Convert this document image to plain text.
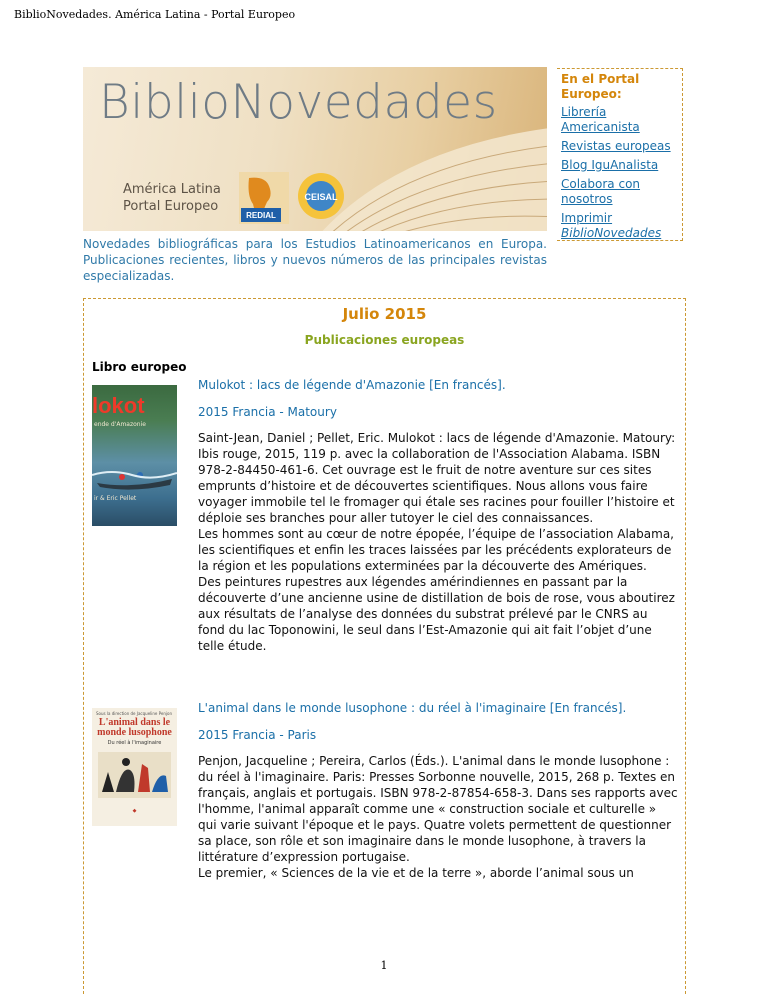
BiblioNovedades. América Latina - Portal Europeo
BiblioNovedades
América Latina
Portal Europeo
REDIAL
CEISAL
Novedades bibliográficas para los Estudios Latinoamericanos en Europa. Publicaciones recientes, libros y nuevos números de las principales revistas especializadas.
En el Portal Europeo:
Librería Americanista
Revistas europeas
Blog IguAnalista
Colabora con nosotros
Imprimir
BiblioNovedades
Julio 2015
Publicaciones europeas
Libro europeo
lokot
ende d'Amazonie
ir & Eric Pellet
Mulokot : lacs de légende d'Amazonie [En francés].
2015 Francia - Matoury

Saint-Jean, Daniel ; Pellet, Eric. Mulokot : lacs de légende d'Amazonie. Matoury: Ibis rouge, 2015, 119 p. avec la collaboration de l'Association Alabama. ISBN 978-2-84450-461-6. Cet ouvrage est le fruit de notre aventure sur ces sites emprunts d’histoire et de découvertes scientifiques. Nous allons vous faire voyager immobile tel le fromager qui étale ses racines pour fouiller l’histoire et déploie ses branches pour aller tutoyer le ciel des connaissances.

Les hommes sont au cœur de notre épopée, l’équipe de l’association Alabama, les scientifiques et enfin les traces laissées par les précédents explorateurs de la région et les populations exterminées par la découverte des Amériques.

Des peintures rupestres aux légendes amérindiennes en passant par la découverte d’une ancienne usine de distillation de bois de rose, vous aboutirez aux résultats de l’analyse des données du substrat prélevé par le CNRS au fond du lac Toponowini, le seul dans l’Est-Amazonie qui ait fait l’objet d’une telle étude.

Sous la direction de Jacqueline Penjon
L'animal dans le monde lusophone
Du réel à l'imaginaire
◆
L'animal dans le monde lusophone : du réel à l'imaginaire [En francés].
2015 Francia - Paris

Penjon, Jacqueline ; Pereira, Carlos (Éds.). L'animal dans le monde lusophone : du réel à l'imaginaire. Paris: Presses Sorbonne nouvelle, 2015, 268 p. Textes en français, anglais et portugais. ISBN 978-2-87854-658-3. Dans ses rapports avec l'homme, l'animal apparaît comme une « construction sociale et culturelle » qui varie suivant l'époque et le pays. Quatre volets permettent de questionner sa place, son rôle et son imaginaire dans le monde lusophone, à travers la littérature d’expression portugaise.

Le premier, « Sciences de la vie et de la terre », aborde l’animal sous un

1
